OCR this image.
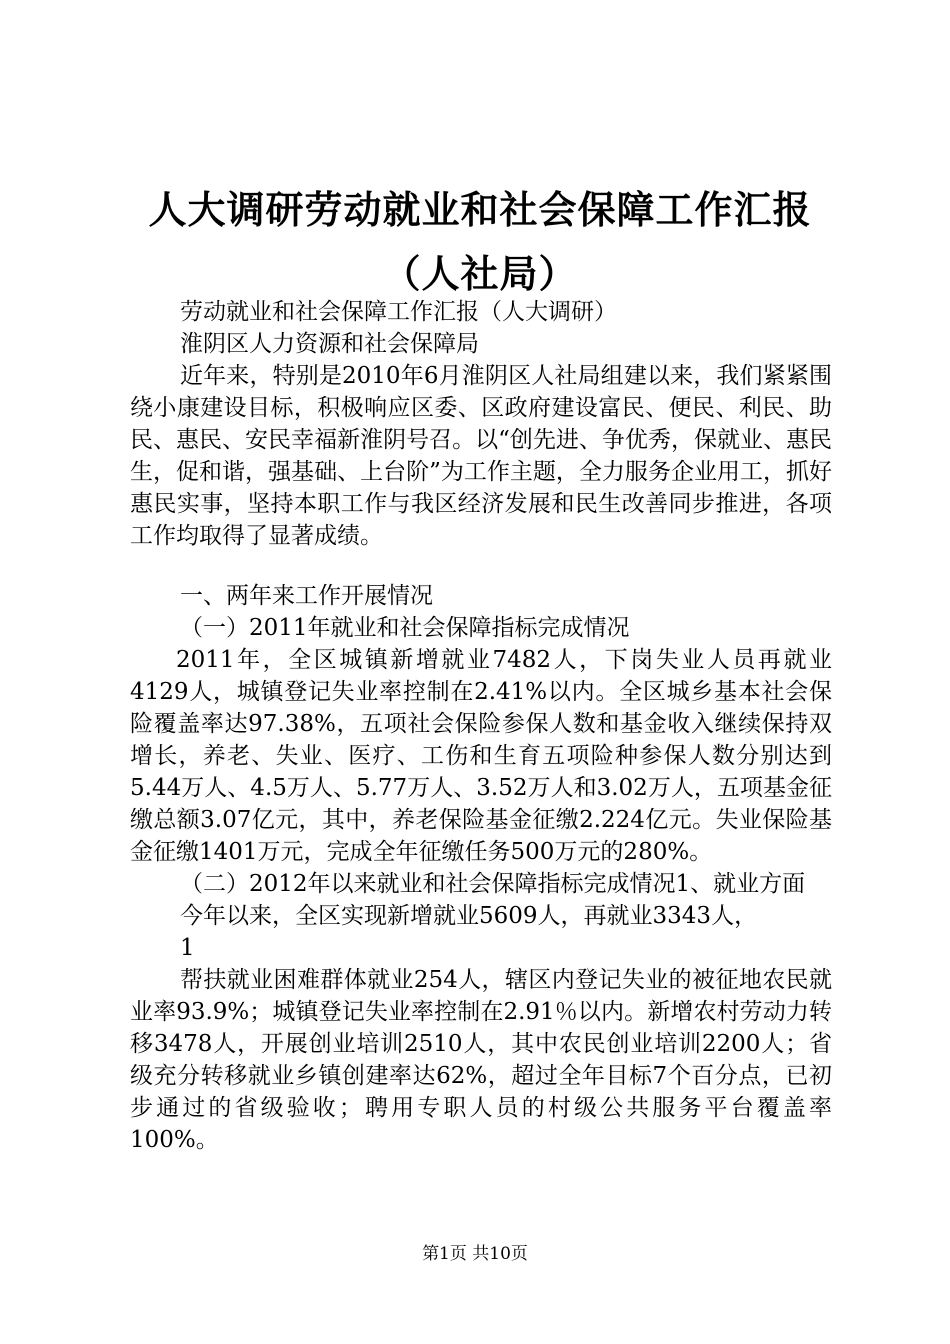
人大调研劳动就业和社会保障工作汇报（人社局）

劳动就业和社会保障工作汇报（人大调研）

淮阴区人力资源和社会保障局

近年来，特别是2010年6月淮阴区人社局组建以来，我们紧紧围绕小康建设目标，积极响应区委、区政府建设富民、便民、利民、助民、惠民、安民幸福新淮阴号召。以“创先进、争优秀，保就业、惠民生，促和谐，强基础、上台阶”为工作主题，全力服务企业用工，抓好惠民实事，坚持本职工作与我区经济发展和民生改善同步推进，各项工作均取得了显著成绩。

一、两年来工作开展情况

（一）2011年就业和社会保障指标完成情况

2011年，全区城镇新增就业7482人，下岗失业人员再就业4129人，城镇登记失业率控制在2.41%以内。全区城乡基本社会保险覆盖率达97.38%，五项社会保险参保人数和基金收入继续保持双增长，养老、失业、医疗、工伤和生育五项险种参保人数分别达到5.44万人、4.5万人、5.77万人、3.52万人和3.02万人，五项基金征缴总额3.07亿元，其中，养老保险基金征缴2.224亿元。失业保险基金征缴1401万元，完成全年征缴任务500万元的280%。

（二）2012年以来就业和社会保障指标完成情况1、就业方面

今年以来，全区实现新增就业5609人，再就业3343人，

1

帮扶就业困难群体就业254人，辖区内登记失业的被征地农民就业率93.9%；城镇登记失业率控制在2.91％以内。新增农村劳动力转移3478人，开展创业培训2510人，其中农民创业培训2200人；省级充分转移就业乡镇创建率达62%，超过全年目标7个百分点，已初步通过的省级验收；聘用专职人员的村级公共服务平台覆盖率100%。

第1页 共10页
